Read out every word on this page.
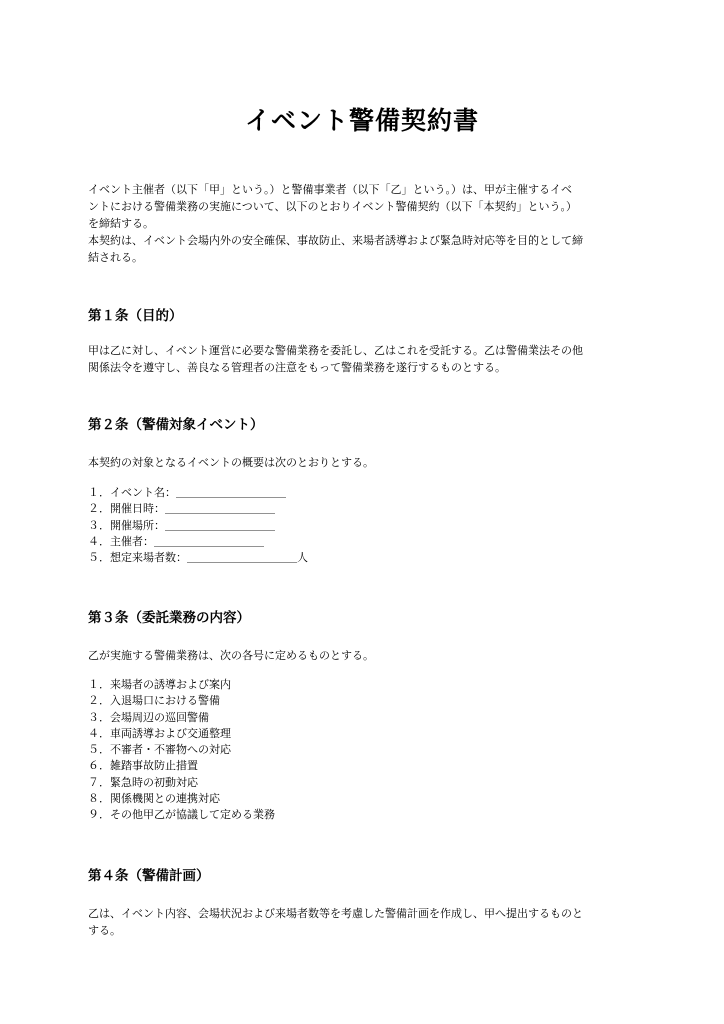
イベント警備契約書
イベント主催者（以下「甲」という。）と警備事業者（以下「乙」という。）は、甲が主催するイベ
ントにおける警備業務の実施について、以下のとおりイベント警備契約（以下「本契約」という。）
を締結する。
本契約は、イベント会場内外の安全確保、事故防止、来場者誘導および緊急時対応等を目的として締
結される。
第１条（目的）
甲は乙に対し、イベント運営に必要な警備業務を委託し、乙はこれを受託する。乙は警備業法その他
関係法令を遵守し、善良なる管理者の注意をもって警備業務を遂行するものとする。
第２条（警備対象イベント）
本契約の対象となるイベントの概要は次のとおりとする。
１．イベント名：＿＿＿＿＿＿＿＿＿＿
２．開催日時：＿＿＿＿＿＿＿＿＿＿
３．開催場所：＿＿＿＿＿＿＿＿＿＿
４．主催者：＿＿＿＿＿＿＿＿＿＿
５．想定来場者数：＿＿＿＿＿＿＿＿＿＿人
第３条（委託業務の内容）
乙が実施する警備業務は、次の各号に定めるものとする。
１．来場者の誘導および案内
２．入退場口における警備
３．会場周辺の巡回警備
４．車両誘導および交通整理
５．不審者・不審物への対応
６．雑踏事故防止措置
７．緊急時の初動対応
８．関係機関との連携対応
９．その他甲乙が協議して定める業務
第４条（警備計画）
乙は、イベント内容、会場状況および来場者数等を考慮した警備計画を作成し、甲へ提出するものと
する。
